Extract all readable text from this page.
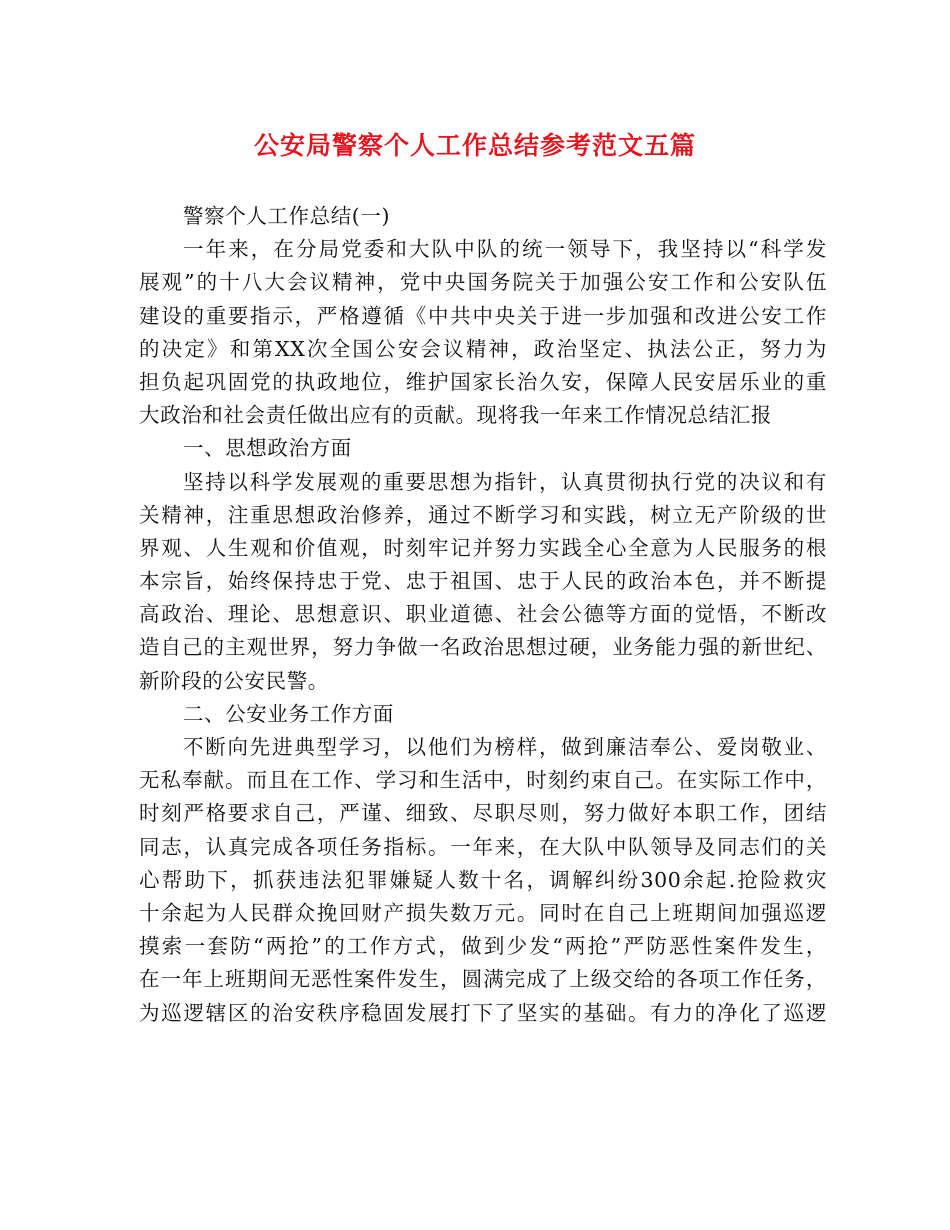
公安局警察个人工作总结参考范文五篇
警察个人工作总结(一)
一年来，在分局党委和大队中队的统一领导下，我坚持以“科学发
展观”的十八大会议精神，党中央国务院关于加强公安工作和公安队伍
建设的重要指示，严格遵循《中共中央关于进一步加强和改进公安工作
的决定》和第XX次全国公安会议精神，政治坚定、执法公正，努力为
担负起巩固党的执政地位，维护国家长治久安，保障人民安居乐业的重
大政治和社会责任做出应有的贡献。现将我一年来工作情况总结汇报
一、思想政治方面
坚持以科学发展观的重要思想为指针，认真贯彻执行党的决议和有
关精神，注重思想政治修养，通过不断学习和实践，树立无产阶级的世
界观、人生观和价值观，时刻牢记并努力实践全心全意为人民服务的根
本宗旨，始终保持忠于党、忠于祖国、忠于人民的政治本色，并不断提
高政治、理论、思想意识、职业道德、社会公德等方面的觉悟，不断改
造自己的主观世界，努力争做一名政治思想过硬，业务能力强的新世纪、
新阶段的公安民警。
二、公安业务工作方面
不断向先进典型学习，以他们为榜样，做到廉洁奉公、爱岗敬业、
无私奉献。而且在工作、学习和生活中，时刻约束自己。在实际工作中，
时刻严格要求自己，严谨、细致、尽职尽则，努力做好本职工作，团结
同志，认真完成各项任务指标。一年来，在大队中队领导及同志们的关
心帮助下，抓获违法犯罪嫌疑人数十名，调解纠纷300余起.抢险救灾
十余起为人民群众挽回财产损失数万元。同时在自己上班期间加强巡逻
摸索一套防“两抢”的工作方式，做到少发“两抢”严防恶性案件发生，
在一年上班期间无恶性案件发生，圆满完成了上级交给的各项工作任务，
为巡逻辖区的治安秩序稳固发展打下了坚实的基础。有力的净化了巡逻
